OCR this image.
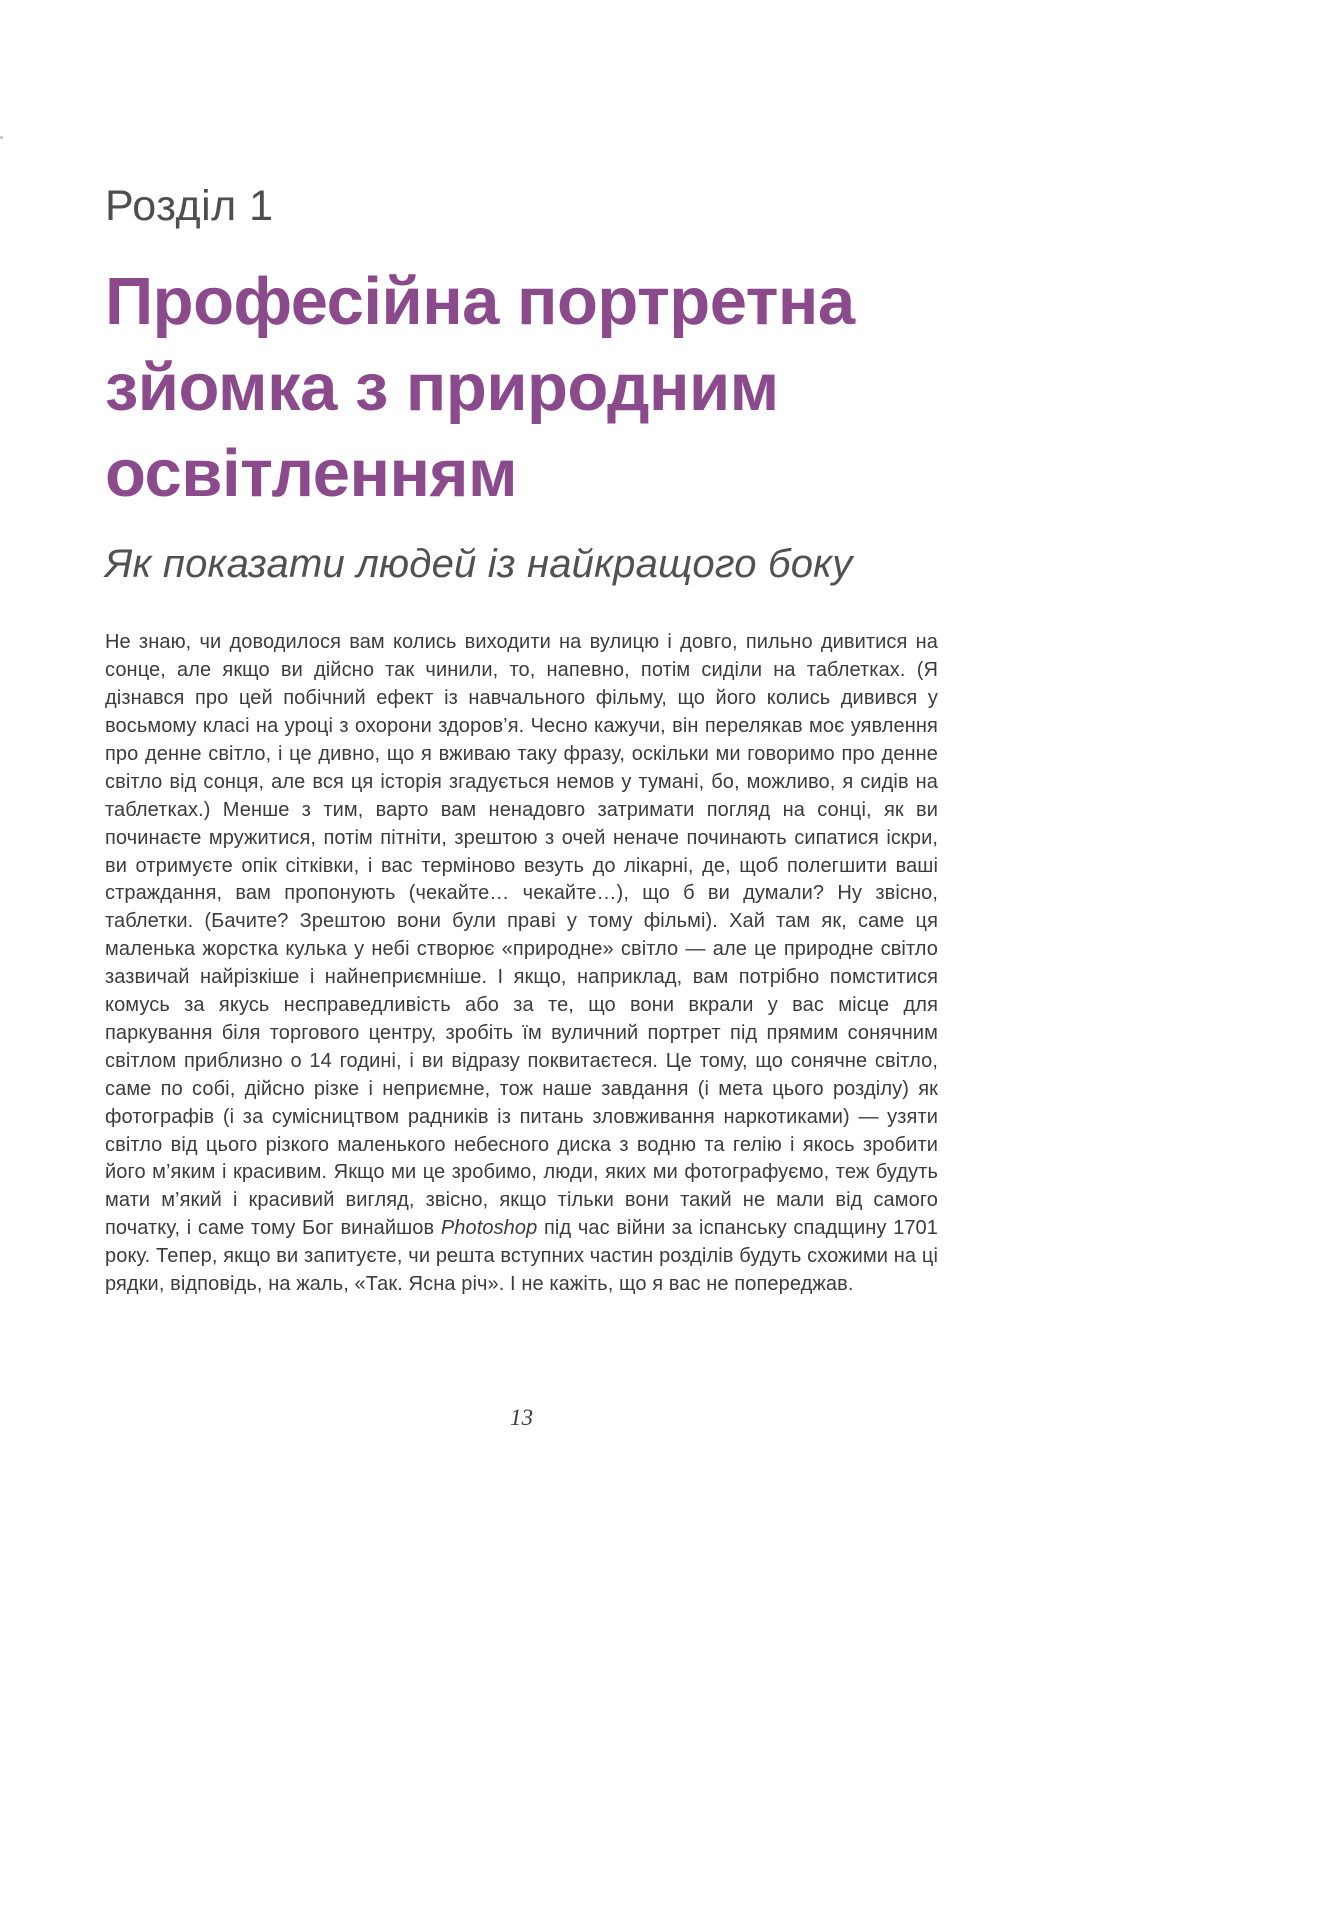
Розділ 1
Професійна портретна
зйомка з природним
освітленням
Як показати людей із найкращого боку

Не знаю, чи доводилося вам колись виходити на вулицю і довго, пильно дивитися на сонце, але якщо ви дійсно так чинили, то, напевно, потім сиділи на таблетках. (Я дізнався про цей побічний ефект із навчального фільму, що його колись дивився у восьмому класі на уроці з охорони здоров’я. Чесно кажучи, він перелякав моє уявлення про денне світло, і це дивно, що я вживаю таку фразу, оскільки ми говоримо про денне світло від сонця, але вся ця історія згадується немов у тумані, бо, можливо, я сидів на таблетках.) Менше з тим, варто вам ненадовго затримати погляд на сонці, як ви починаєте мружитися, потім пітніти, зрештою з очей неначе починають сипатися іскри, ви отримуєте опік сітківки, і вас терміново везуть до лікарні, де, щоб полегшити ваші страждання, вам пропонують (чекайте… чекайте…), що б ви думали? Ну звісно, таблетки. (Бачите? Зрештою вони були праві у тому фільмі). Хай там як, саме ця маленька жорстка кулька у небі створює «природне» світло — але це природне світло зазвичай найрізкіше і найнеприємніше. І якщо, наприклад, вам потрібно помститися комусь за якусь несправедливість або за те, що вони вкрали у вас місце для паркування біля торгового центру, зробіть їм вуличний портрет під прямим сонячним світлом приблизно о 14 годині, і ви відразу поквитаєтеся. Це тому, що сонячне світло, саме по собі, дійсно різке і неприємне, тож наше завдання (і мета цього розділу) як фотографів (і за сумісництвом радників із питань зловживання наркотиками) — узяти світло від цього різкого маленького небесного диска з водню та гелію і якось зробити його м’яким і красивим. Якщо ми це зробимо, люди, яких ми фотографуємо, теж будуть мати м’який і красивий вигляд, звісно, якщо тільки вони такий не мали від самого початку, і саме тому Бог винайшов Photoshop під час війни за іспанську спадщину 1701 року. Тепер, якщо ви запитуєте, чи решта вступних частин розділів будуть схожими на ці рядки, відповідь, на жаль, «Так. Ясна річ». І не кажіть, що я вас не попереджав.

13
